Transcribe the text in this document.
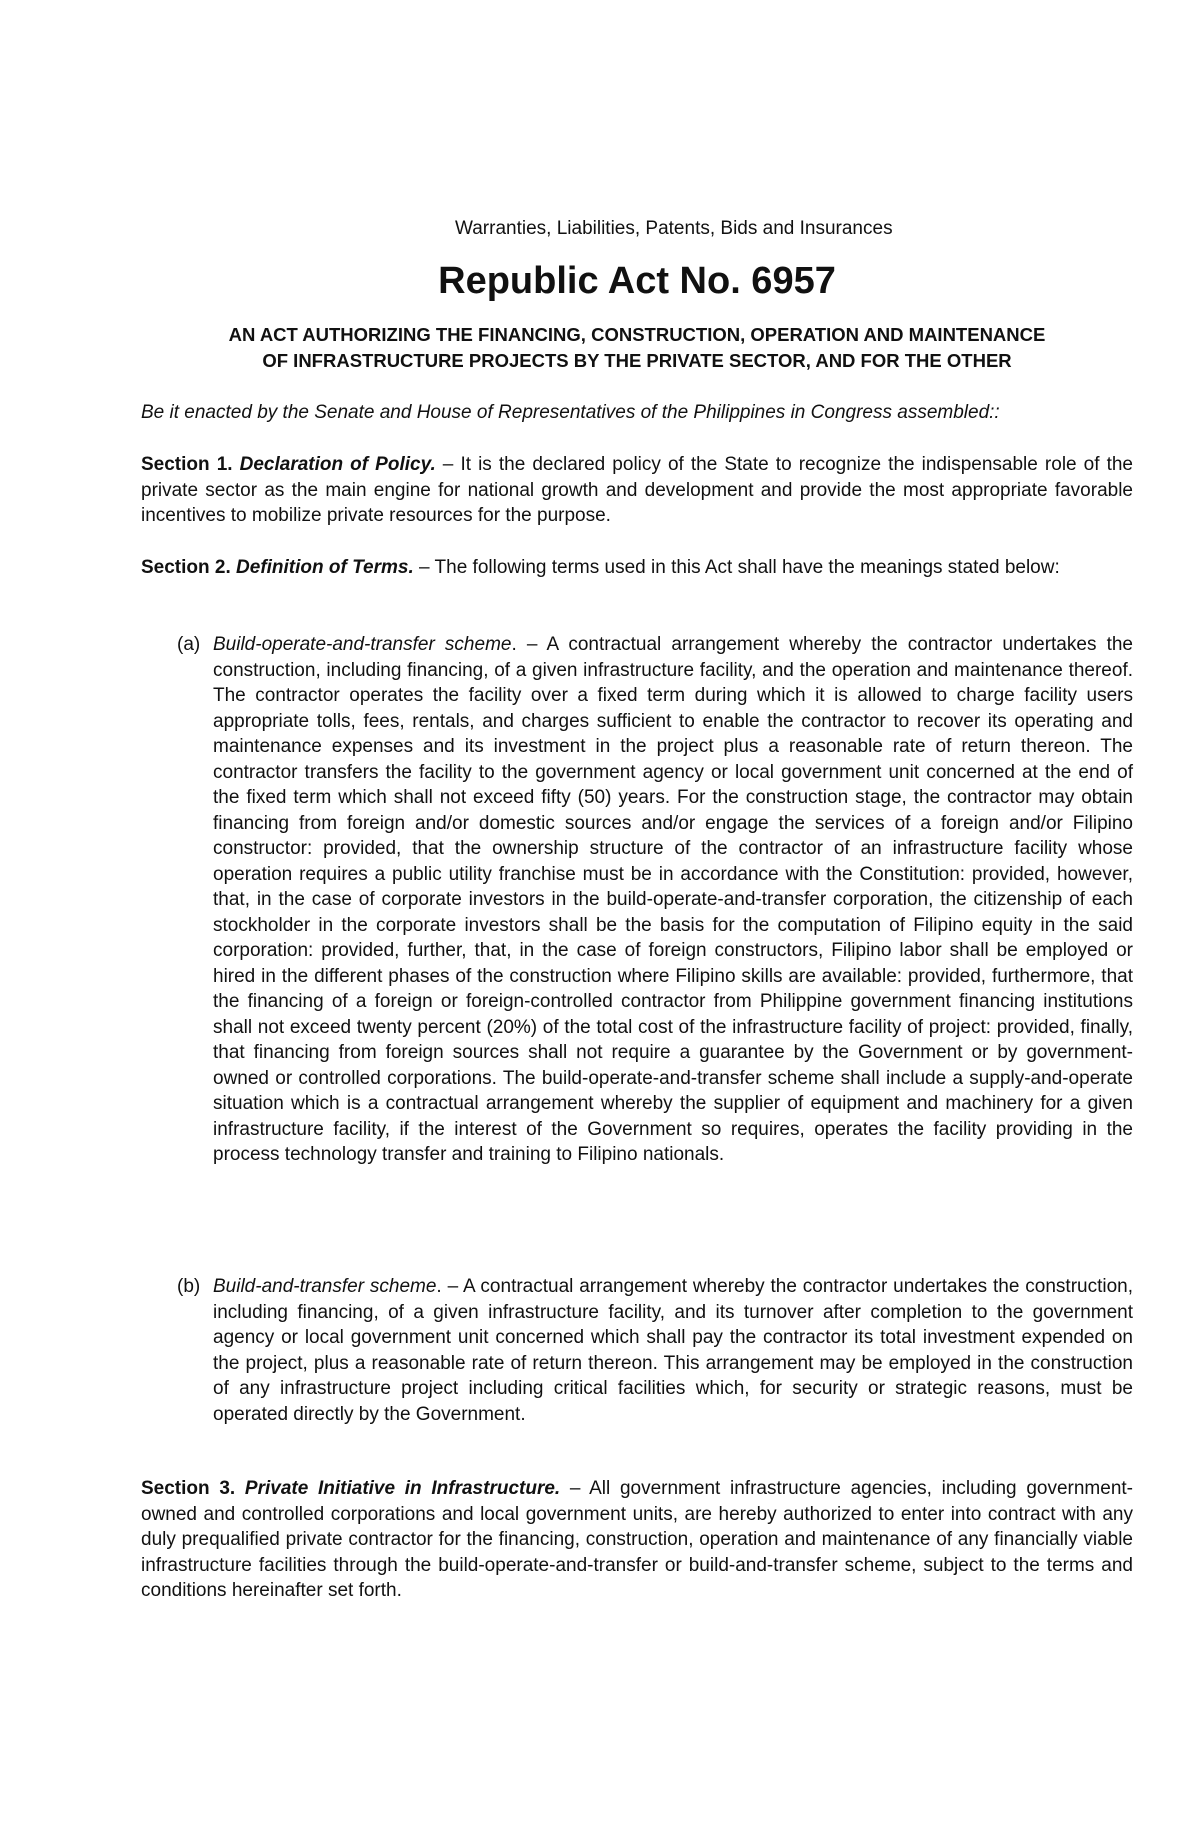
Warranties, Liabilities, Patents, Bids and Insurances

Republic Act No. 6957
AN ACT AUTHORIZING THE FINANCING, CONSTRUCTION, OPERATION AND MAINTENANCE
OF INFRASTRUCTURE PROJECTS BY THE PRIVATE SECTOR, AND FOR THE OTHER

Be it enacted by the Senate and House of Representatives of the Philippines in Congress assembled::

Section 1. Declaration of Policy. – It is the declared policy of the State to recognize the indispensable role of the private sector as the main engine for national growth and development and provide the most appropriate favorable incentives to mobilize private resources for the purpose.

Section 2. Definition of Terms. – The following terms used in this Act shall have the meanings stated below:

(a) Build-operate-and-transfer scheme. – A contractual arrangement whereby the contractor undertakes the construction, including financing, of a given infrastructure facility, and the operation and maintenance thereof. The contractor operates the facility over a fixed term during which it is allowed to charge facility users appropriate tolls, fees, rentals, and charges sufficient to enable the contractor to recover its operating and maintenance expenses and its investment in the project plus a reasonable rate of return thereon. The contractor transfers the facility to the government agency or local government unit concerned at the end of the fixed term which shall not exceed fifty (50) years. For the construction stage, the contractor may obtain financing from foreign and/or domestic sources and/or engage the services of a foreign and/or Filipino constructor: provided, that the ownership structure of the contractor of an infrastructure facility whose operation requires a public utility franchise must be in accordance with the Constitution: provided, however, that, in the case of corporate investors in the build-operate-and-transfer corporation, the citizenship of each stockholder in the corporate investors shall be the basis for the computation of Filipino equity in the said corporation: provided, further, that, in the case of foreign constructors, Filipino labor shall be employed or hired in the different phases of the construction where Filipino skills are available: provided, furthermore, that the financing of a foreign or foreign-controlled contractor from Philippine government financing institutions shall not exceed twenty percent (20%) of the total cost of the infrastructure facility of project: provided, finally, that financing from foreign sources shall not require a guarantee by the Government or by government-owned or controlled corporations. The build-operate-and-transfer scheme shall include a supply-and-operate situation which is a contractual arrangement whereby the supplier of equipment and machinery for a given infrastructure facility, if the interest of the Government so requires, operates the facility providing in the process technology transfer and training to Filipino nationals.

(b) Build-and-transfer scheme. – A contractual arrangement whereby the contractor undertakes the construction, including financing, of a given infrastructure facility, and its turnover after completion to the government agency or local government unit concerned which shall pay the contractor its total investment expended on the project, plus a reasonable rate of return thereon. This arrangement may be employed in the construction of any infrastructure project including critical facilities which, for security or strategic reasons, must be operated directly by the Government.

Section 3. Private Initiative in Infrastructure. – All government infrastructure agencies, including government-owned and controlled corporations and local government units, are hereby authorized to enter into contract with any duly prequalified private contractor for the financing, construction, operation and maintenance of any financially viable infrastructure facilities through the build-operate-and-transfer or build-and-transfer scheme, subject to the terms and conditions hereinafter set forth.
